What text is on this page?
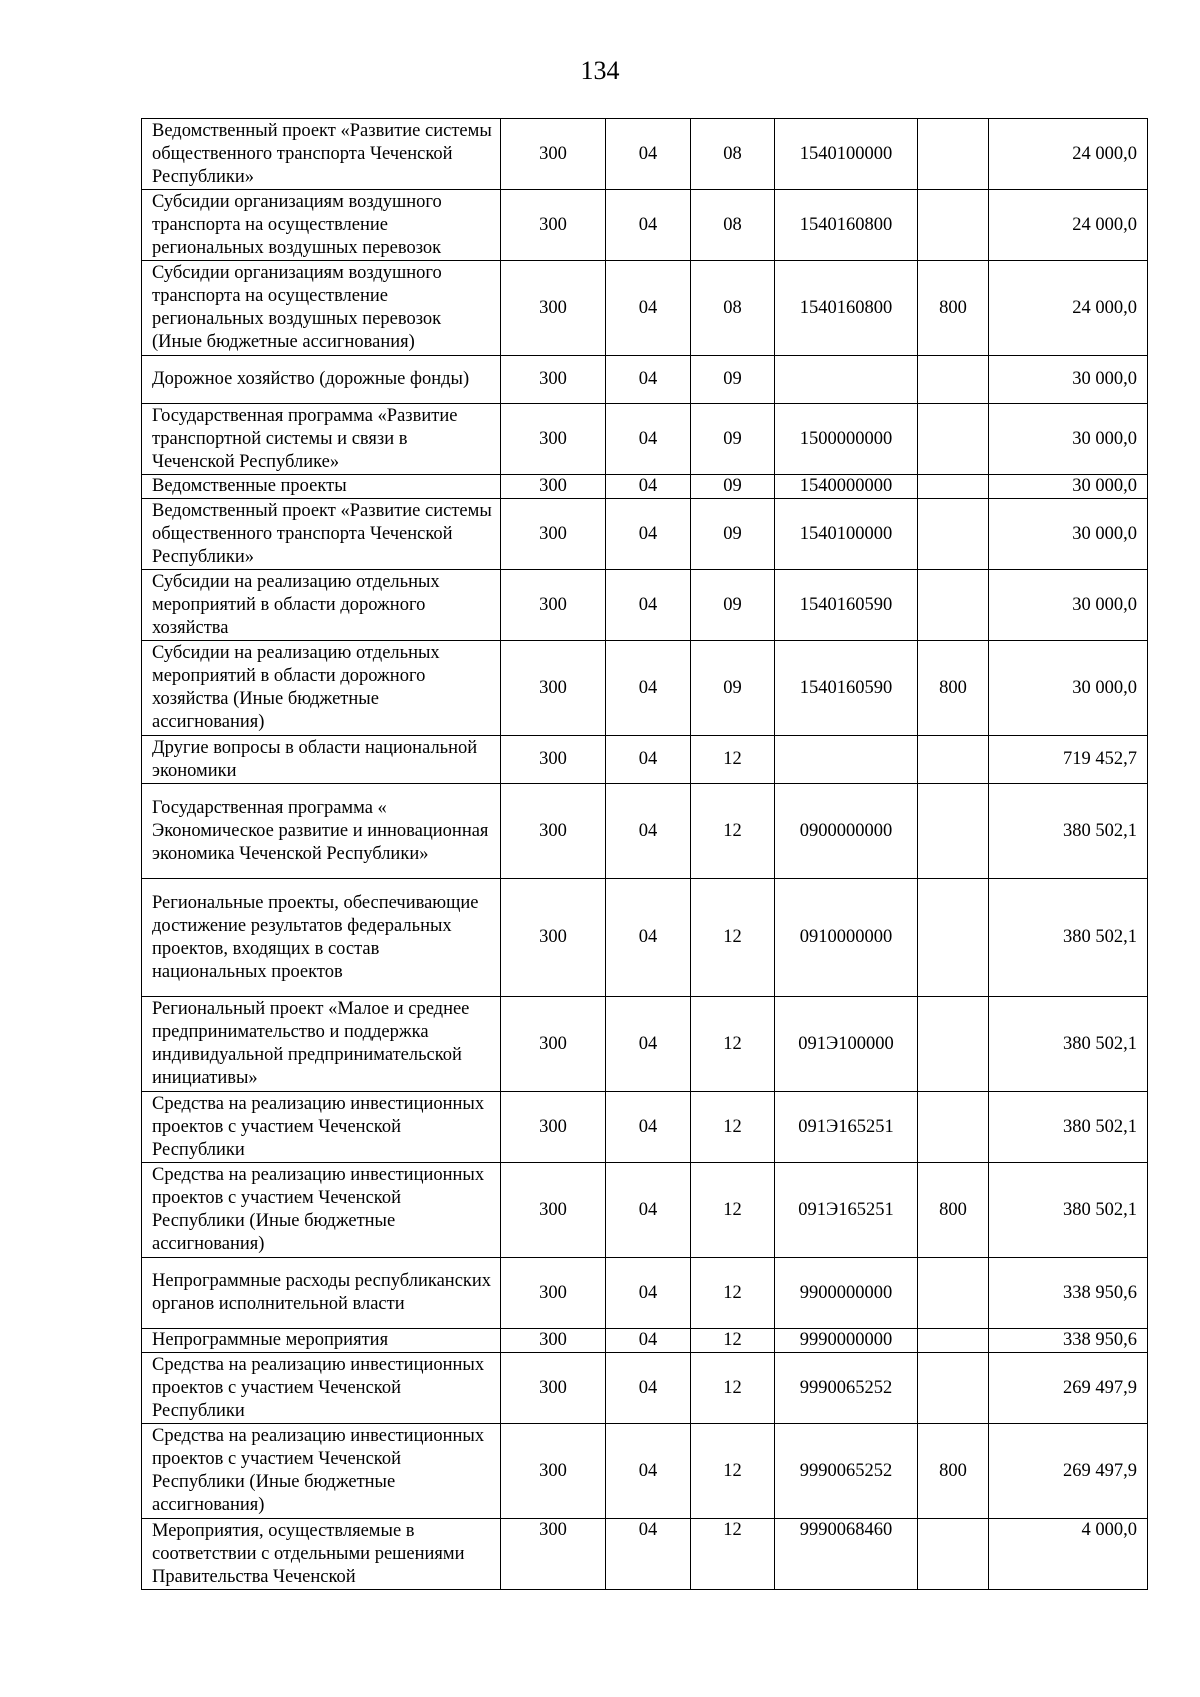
134
Ведомственный проект «Развитие системы общественного транспорта Чеченской Республики»	300	04	08	1540100000		24 000,0
Субсидии организациям воздушного транспорта на осуществление региональных воздушных перевозок	300	04	08	1540160800		24 000,0
Субсидии организациям воздушного транспорта на осуществление региональных воздушных перевозок (Иные бюджетные ассигнования)	300	04	08	1540160800	800	24 000,0
Дорожное хозяйство (дорожные фонды)	300	04	09			30 000,0
Государственная программа «Развитие транспортной системы и связи в Чеченской Республике»	300	04	09	1500000000		30 000,0
Ведомственные проекты	300	04	09	1540000000		30 000,0
Ведомственный проект «Развитие системы общественного транспорта Чеченской Республики»	300	04	09	1540100000		30 000,0
Субсидии на реализацию отдельных мероприятий в области дорожного хозяйства	300	04	09	1540160590		30 000,0
Субсидии на реализацию отдельных мероприятий в области дорожного хозяйства (Иные бюджетные ассигнования)	300	04	09	1540160590	800	30 000,0
Другие вопросы в области национальной экономики	300	04	12			719 452,7
Государственная программа « Экономическое развитие и инновационная экономика Чеченской Республики»	300	04	12	0900000000		380 502,1
Региональные проекты, обеспечивающие достижение результатов федеральных проектов, входящих в состав национальных проектов	300	04	12	0910000000		380 502,1
Региональный проект «Малое и среднее предпринимательство и поддержка индивидуальной предпринимательской инициативы»	300	04	12	091Э100000		380 502,1
Средства на реализацию инвестиционных проектов с участием Чеченской Республики	300	04	12	091Э165251		380 502,1
Средства на реализацию инвестиционных проектов с участием Чеченской Республики (Иные бюджетные ассигнования)	300	04	12	091Э165251	800	380 502,1
Непрограммные расходы республиканских органов исполнительной власти	300	04	12	9900000000		338 950,6
Непрограммные мероприятия	300	04	12	9990000000		338 950,6
Средства на реализацию инвестиционных проектов с участием Чеченской Республики	300	04	12	9990065252		269 497,9
Средства на реализацию инвестиционных проектов с участием Чеченской Республики (Иные бюджетные ассигнования)	300	04	12	9990065252	800	269 497,9
Мероприятия, осуществляемые в соответствии с отдельными решениями Правительства Чеченской	300	04	12	9990068460		4 000,0
